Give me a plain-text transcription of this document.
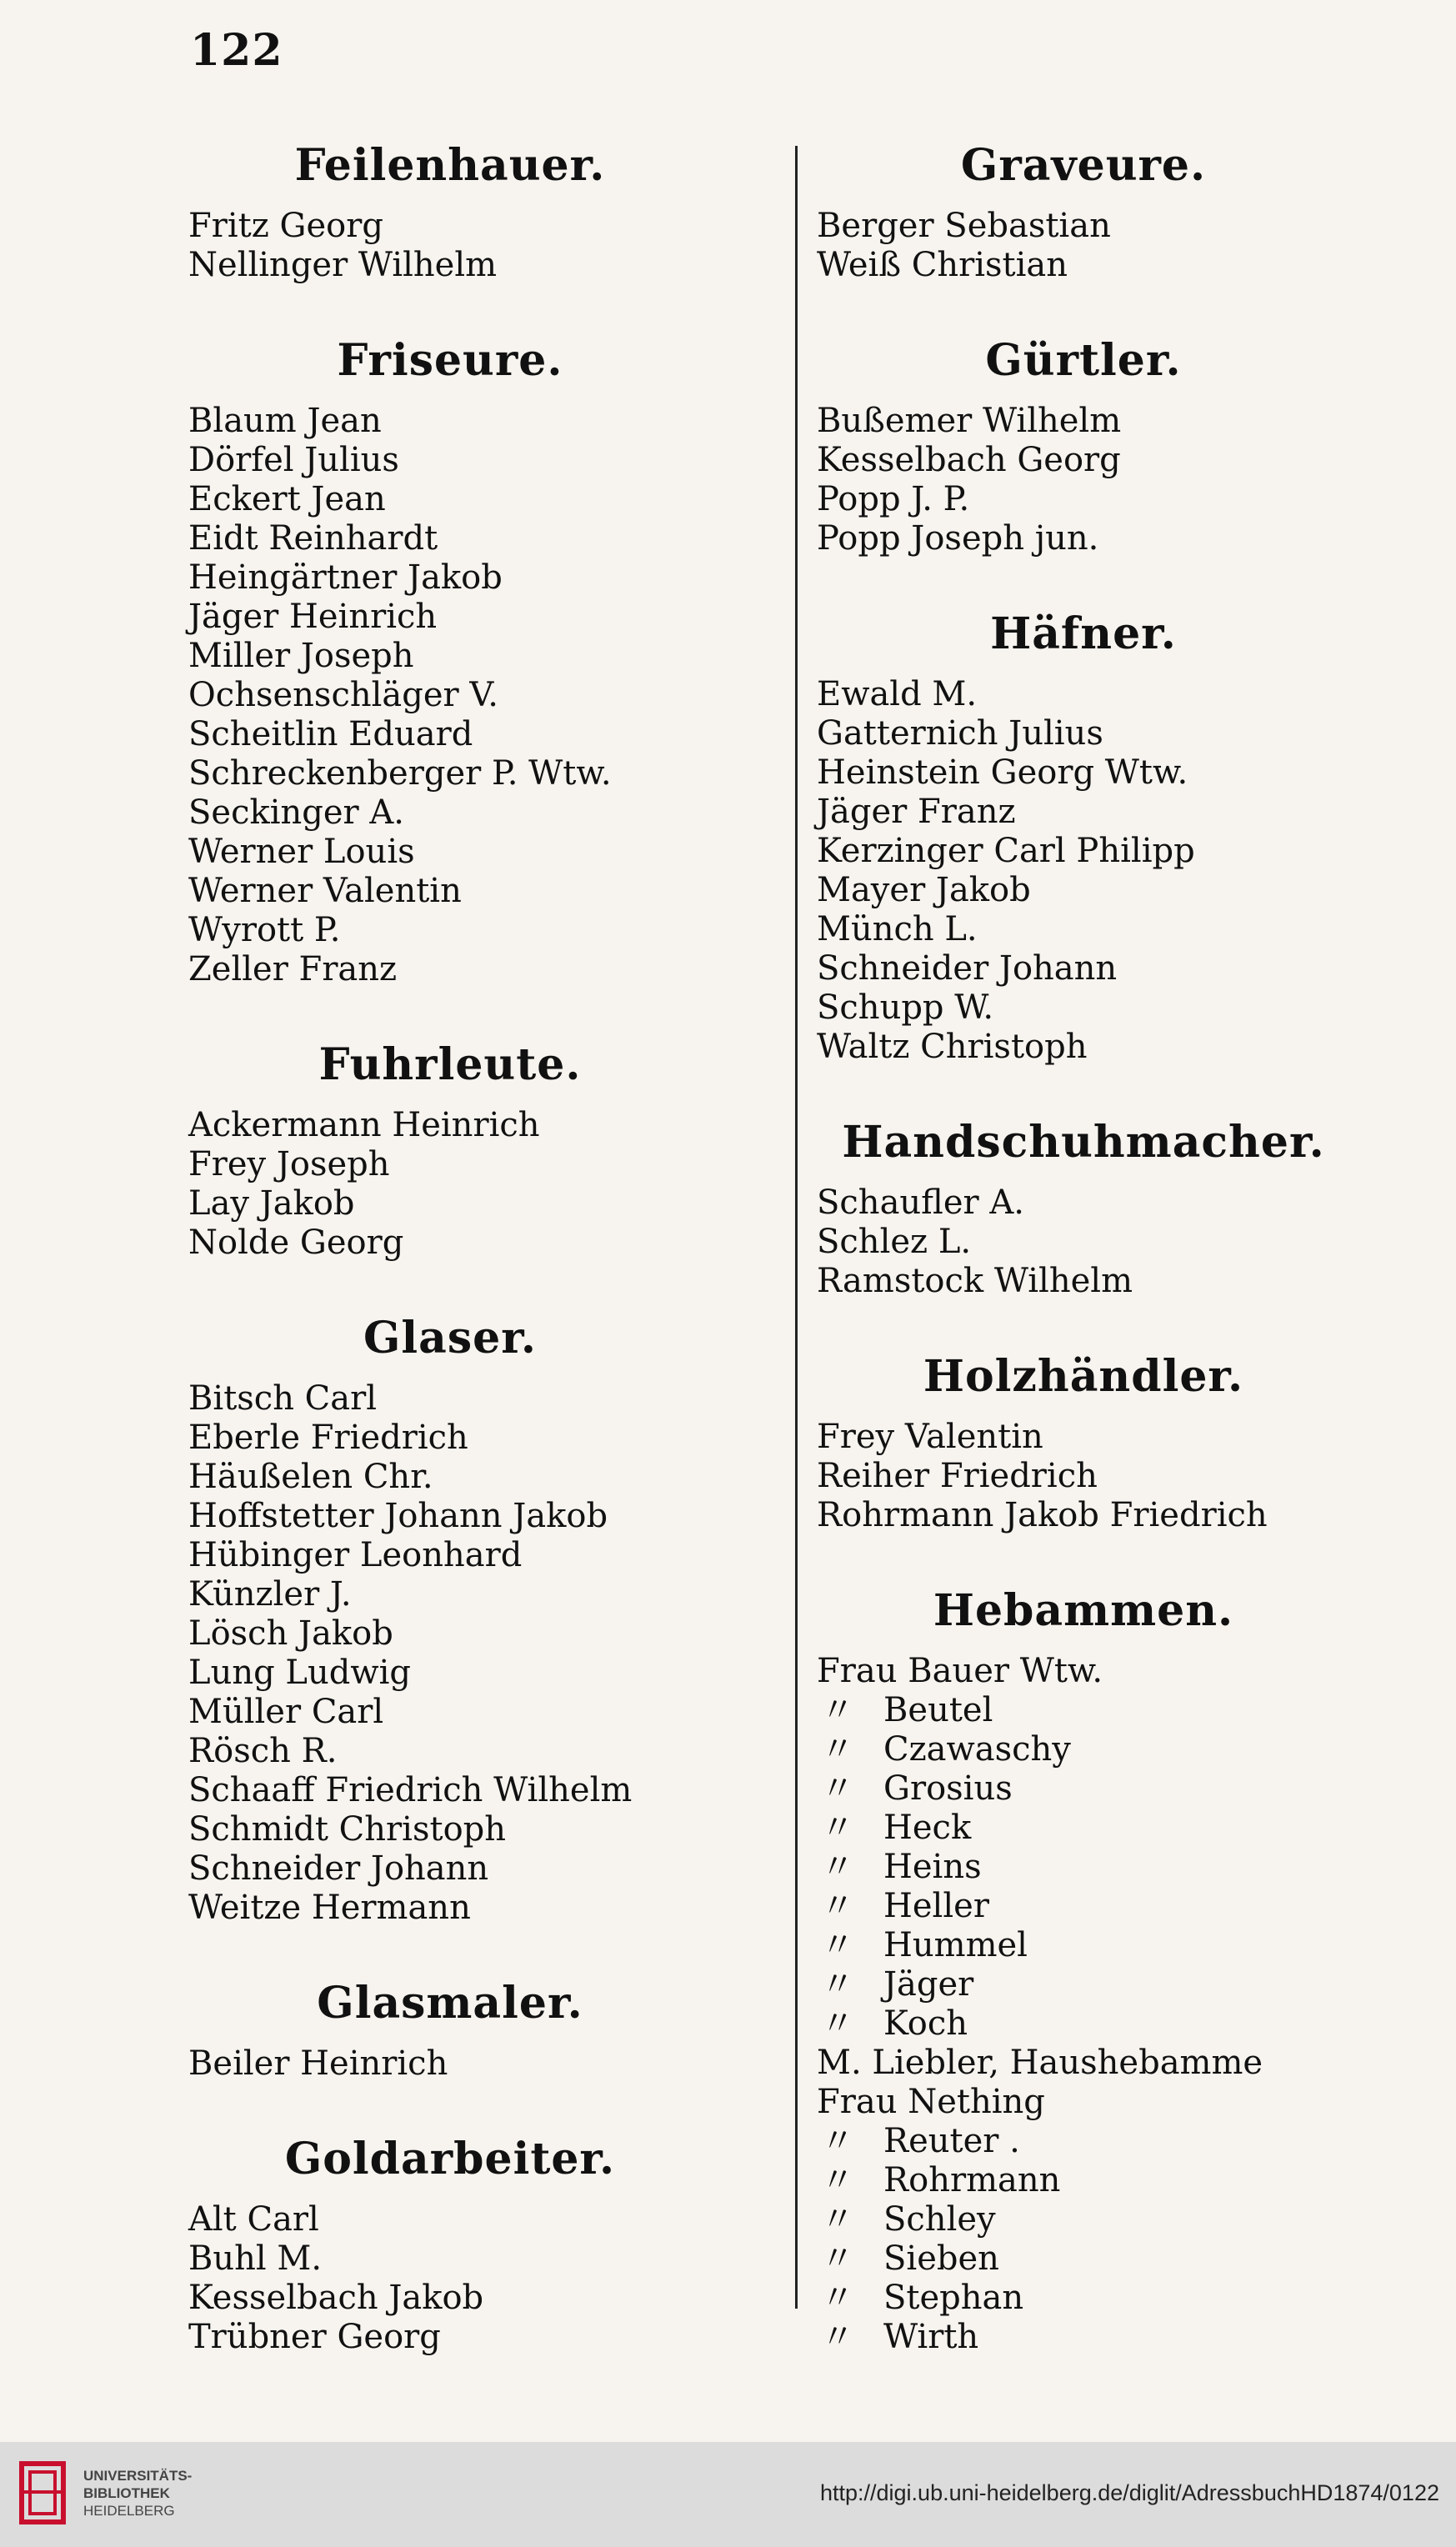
122
Feilenhauer.
Fritz Georg
Nellinger Wilhelm
Friseure.
Blaum Jean
Dörfel Julius
Eckert Jean
Eidt Reinhardt
Heingärtner Jakob
Jäger Heinrich
Miller Joseph
Ochsenschläger V.
Scheitlin Eduard
Schreckenberger P. Wtw.
Seckinger A.
Werner Louis
Werner Valentin
Wyrott P.
Zeller Franz
Fuhrleute.
Ackermann Heinrich
Frey Joseph
Lay Jakob
Nolde Georg
Glaser.
Bitsch Carl
Eberle Friedrich
Häußelen Chr.
Hoffstetter Johann Jakob
Hübinger Leonhard
Künzler J.
Lösch Jakob
Lung Ludwig
Müller Carl
Rösch R.
Schaaff Friedrich Wilhelm
Schmidt Christoph
Schneider Johann
Weitze Hermann
Glasmaler.
Beiler Heinrich
Goldarbeiter.
Alt Carl
Buhl M.
Kesselbach Jakob
Trübner Georg
Graveure.
Berger Sebastian
Weiß Christian
Gürtler.
Bußemer Wilhelm
Kesselbach Georg
Popp J. P.
Popp Joseph jun.
Häfner.
Ewald M.
Gatternich Julius
Heinstein Georg Wtw.
Jäger Franz
Kerzinger Carl Philipp
Mayer Jakob
Münch L.
Schneider Johann
Schupp W.
Waltz Christoph
Handschuhmacher.
Schaufler A.
Schlez L.
Ramstock Wilhelm
Holzhändler.
Frey Valentin
Reiher Friedrich
Rohrmann Jakob Friedrich
Hebammen.
Frau Bauer Wtw.
〃 Beutel
〃 Czawaschy
〃 Grosius
〃 Heck
〃 Heins
〃 Heller
〃 Hummel
〃 Jäger
〃 Koch
M. Liebler, Haushebamme
Frau Nething
〃 Reuter .
〃 Rohrmann
〃 Schley
〃 Sieben
〃 Stephan
〃 Wirth
UNIVERSITÄTS-
BIBLIOTHEK
HEIDELBERG
http://digi.ub.uni-heidelberg.de/diglit/AdressbuchHD1874/0122
